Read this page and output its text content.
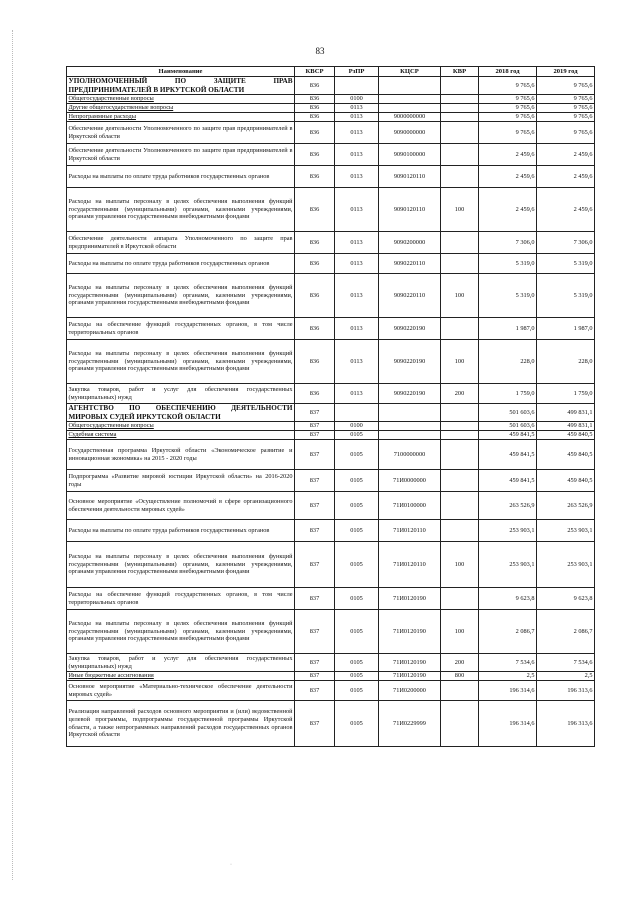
83
Наименование	КВСР	РзПР	КЦСР	КВР	2018 год	2019 год
УПОЛНОМОЧЕННЫЙ ПО ЗАЩИТЕ ПРАВ ПРЕДПРИНИМАТЕЛЕЙ В ИРКУТСКОЙ ОБЛАСТИ	836				9 765,6	9 765,6
Общегосударственные вопросы	836	0100			9 765,6	9 765,6
Другие общегосударственные вопросы	836	0113			9 765,6	9 765,6
Непрограммные расходы	836	0113	9000000000		9 765,6	9 765,6
Обеспечение деятельности Уполномоченного по защите прав предпринимателей в Иркутской области	836	0113	9090000000		9 765,6	9 765,6
Обеспечение деятельности Уполномоченного по защите прав предпринимателей в Иркутской области	836	0113	9090100000		2 459,6	2 459,6
Расходы на выплаты по оплате труда работников государственных органов	836	0113	9090120110		2 459,6	2 459,6
Расходы на выплаты персоналу в целях обеспечения выполнения функций государственными (муниципальными) органами, казенными учреждениями, органами управления государственными внебюджетными фондами	836	0113	9090120110	100	2 459,6	2 459,6
Обеспечение деятельности аппарата Уполномоченного по защите прав предпринимателей в Иркутской области	836	0113	9090200000		7 306,0	7 306,0
Расходы на выплаты по оплате труда работников государственных органов	836	0113	9090220110		5 319,0	5 319,0
Расходы на выплаты персоналу в целях обеспечения выполнения функций государственными (муниципальными) органами, казенными учреждениями, органами управления государственными внебюджетными фондами	836	0113	9090220110	100	5 319,0	5 319,0
Расходы на обеспечение функций государственных органов, в том числе территориальных органов	836	0113	9090220190		1 987,0	1 987,0
Расходы на выплаты персоналу в целях обеспечения выполнения функций государственными (муниципальными) органами, казенными учреждениями, органами управления государственными внебюджетными фондами	836	0113	9090220190	100	228,0	228,0
Закупка товаров, работ и услуг для обеспечения государственных (муниципальных) нужд	836	0113	9090220190	200	1 759,0	1 759,0
АГЕНТСТВО ПО ОБЕСПЕЧЕНИЮ ДЕЯТЕЛЬНОСТИ МИРОВЫХ СУДЕЙ ИРКУТСКОЙ ОБЛАСТИ	837				501 603,6	499 831,1
Общегосударственные вопросы	837	0100			501 603,6	499 831,1
Судебная система	837	0105			459 841,5	459 840,5
Государственная программа Иркутской области «Экономическое развитие и инновационная экономика» на 2015 - 2020 годы	837	0105	7100000000		459 841,5	459 840,5
Подпрограмма «Развитие мировой юстиции Иркутской области» на 2016-2020 годы	837	0105	71И0000000		459 841,5	459 840,5
Основное мероприятие «Осуществление полномочий в сфере организационного обеспечения деятельности мировых судей»	837	0105	71И0100000		263 526,9	263 526,9
Расходы на выплаты по оплате труда работников государственных органов	837	0105	71И0120110		253 903,1	253 903,1
Расходы на выплаты персоналу в целях обеспечения выполнения функций государственными (муниципальными) органами, казенными учреждениями, органами управления государственными внебюджетными фондами	837	0105	71И0120110	100	253 903,1	253 903,1
Расходы на обеспечение функций государственных органов, в том числе территориальных органов	837	0105	71И0120190		9 623,8	9 623,8
Расходы на выплаты персоналу в целях обеспечения выполнения функций государственными (муниципальными) органами, казенными учреждениями, органами управления государственными внебюджетными фондами	837	0105	71И0120190	100	2 086,7	2 086,7
Закупка товаров, работ и услуг для обеспечения государственных (муниципальных) нужд	837	0105	71И0120190	200	7 534,6	7 534,6
Иные бюджетные ассигнования	837	0105	71И0120190	800	2,5	2,5
Основное мероприятие «Материально-техническое обеспечение деятельности мировых судей»	837	0105	71И0200000		196 314,6	196 313,6
Реализация направлений расходов основного мероприятия и (или) ведомственной целевой программы, подпрограммы государственной программы Иркутской области, а также непрограммных направлений расходов государственных органов Иркутской области	837	0105	71И0229999		196 314,6	196 313,6
·
